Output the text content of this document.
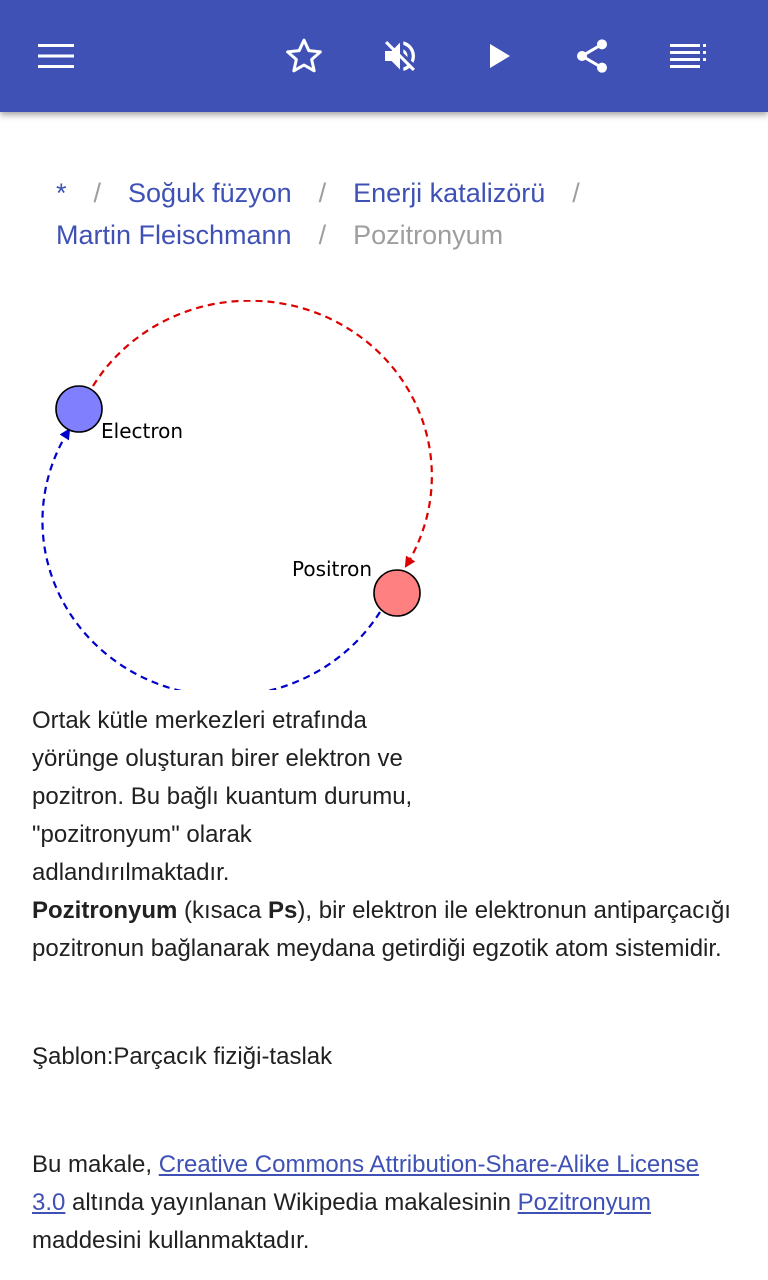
* / Soğuk füzyon / Enerji katalizörü /
Martin Fleischmann / Pozitronyum
Electron
Positron
Ortak kütle merkezleri etrafında yörünge oluşturan birer elektron ve pozitron. Bu bağlı kuantum durumu, "pozitronyum" olarak adlandırılmaktadır.

Pozitronyum (kısaca Ps), bir elektron ile elektronun antiparçacığı pozitronun bağlanarak meydana getirdiği egzotik atom sistemidir.

Şablon:Parçacık fiziği-taslak

Bu makale, Creative Commons Attribution-Share-Alike License 3.0 altında yayınlanan Wikipedia makalesinin Pozitronyum maddesini kullanmaktadır.
